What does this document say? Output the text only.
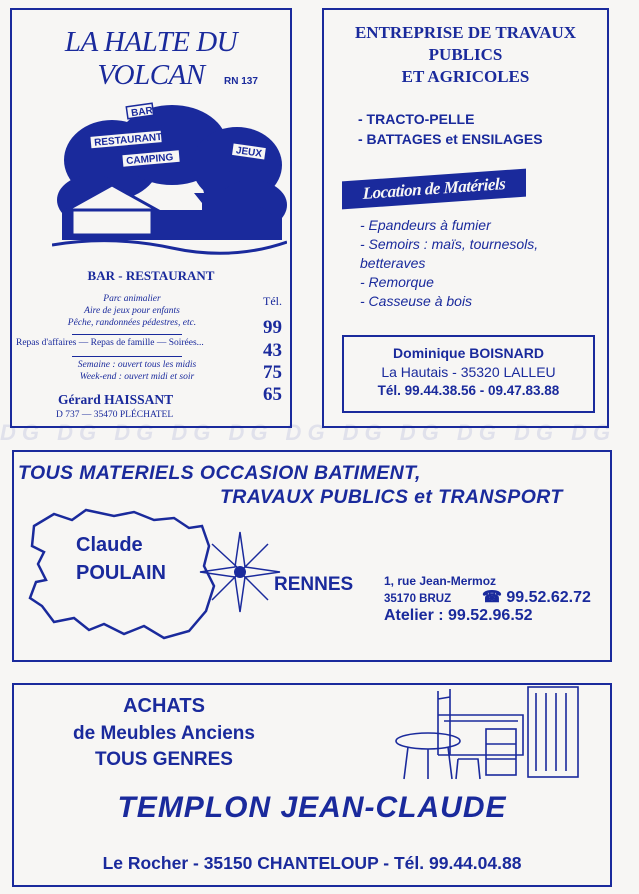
DG DG DG DG DG DG DG DG DG DG DG

LA HALTE DU VOLCAN	RN 137

BAR
RESTAURANT
CAMPING	JEUX

BAR - RESTAURANT

Parc animalier

Aire de jeux pour enfants

Pêche, randonnées pédestres, etc.

Repas d'affaires — Repas de famille — Soirées...

Semaine : ouvert tous les midis

Week-end : ouvert midi et soir

Tél.

99

43

75

65

Gérard HAISSANT

D 737 — 35470 PLÉCHATEL

ENTREPRISE DE TRAVAUX
PUBLICS
ET AGRICOLES

- TRACTO-PELLE

- BATTAGES et ENSILAGES

Location de Matériels

- Epandeurs à fumier

- Semoirs : maïs, tournesols,

betteraves

- Remorque

- Casseuse à bois

Dominique BOISNARD

La Hautais - 35320 LALLEU

Tél. 99.44.38.56 - 09.47.83.88

TOUS MATERIELS OCCASION BATIMENT,

TRAVAUX PUBLICS et TRANSPORT

Claude

POULAIN

RENNES	1, rue Jean-Mermoz

35170 BRUZ ☎ 99.52.62.72

Atelier : 99.52.96.52

ACHATS

de Meubles Anciens

TOUS GENRES

TEMPLON JEAN-CLAUDE

Le Rocher - 35150 CHANTELOUP - Tél. 99.44.04.88
